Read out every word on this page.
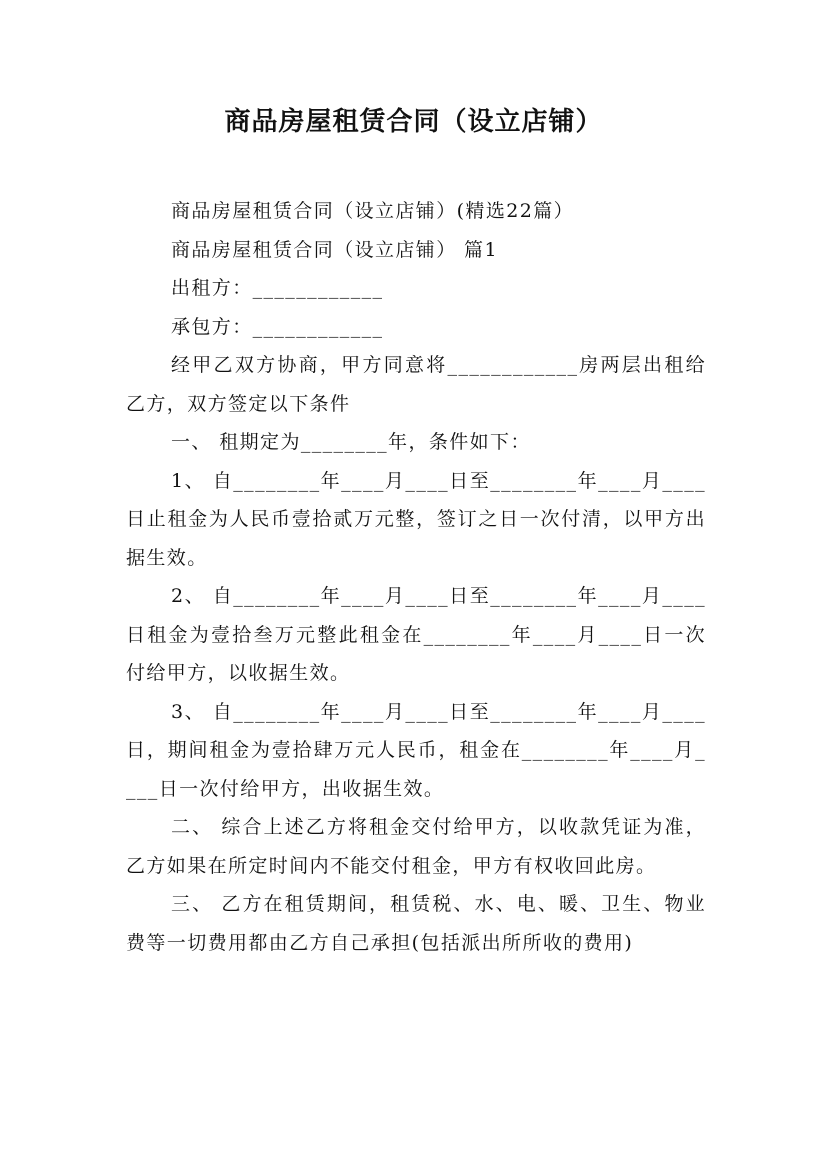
商品房屋租赁合同（设立店铺）

商品房屋租赁合同（设立店铺）(精选22篇）

商品房屋租赁合同（设立店铺） 篇1

出租方：____________

承包方：____________

经甲乙双方协商，甲方同意将____________房两层出租给乙方，双方签定以下条件

一、 租期定为________年，条件如下：

1、 自________年____月____日至________年____月____日止租金为人民币壹拾贰万元整，签订之日一次付清，以甲方出据生效。

2、 自________年____月____日至________年____月____日租金为壹拾叁万元整此租金在________年____月____日一次付给甲方，以收据生效。

3、 自________年____月____日至________年____月____日，期间租金为壹拾肆万元人民币，租金在________年____月____日一次付给甲方，出收据生效。

二、 综合上述乙方将租金交付给甲方，以收款凭证为准，乙方如果在所定时间内不能交付租金，甲方有权收回此房。

三、 乙方在租赁期间，租赁税、水、电、暖、卫生、物业费等一切费用都由乙方自己承担(包括派出所所收的费用)
